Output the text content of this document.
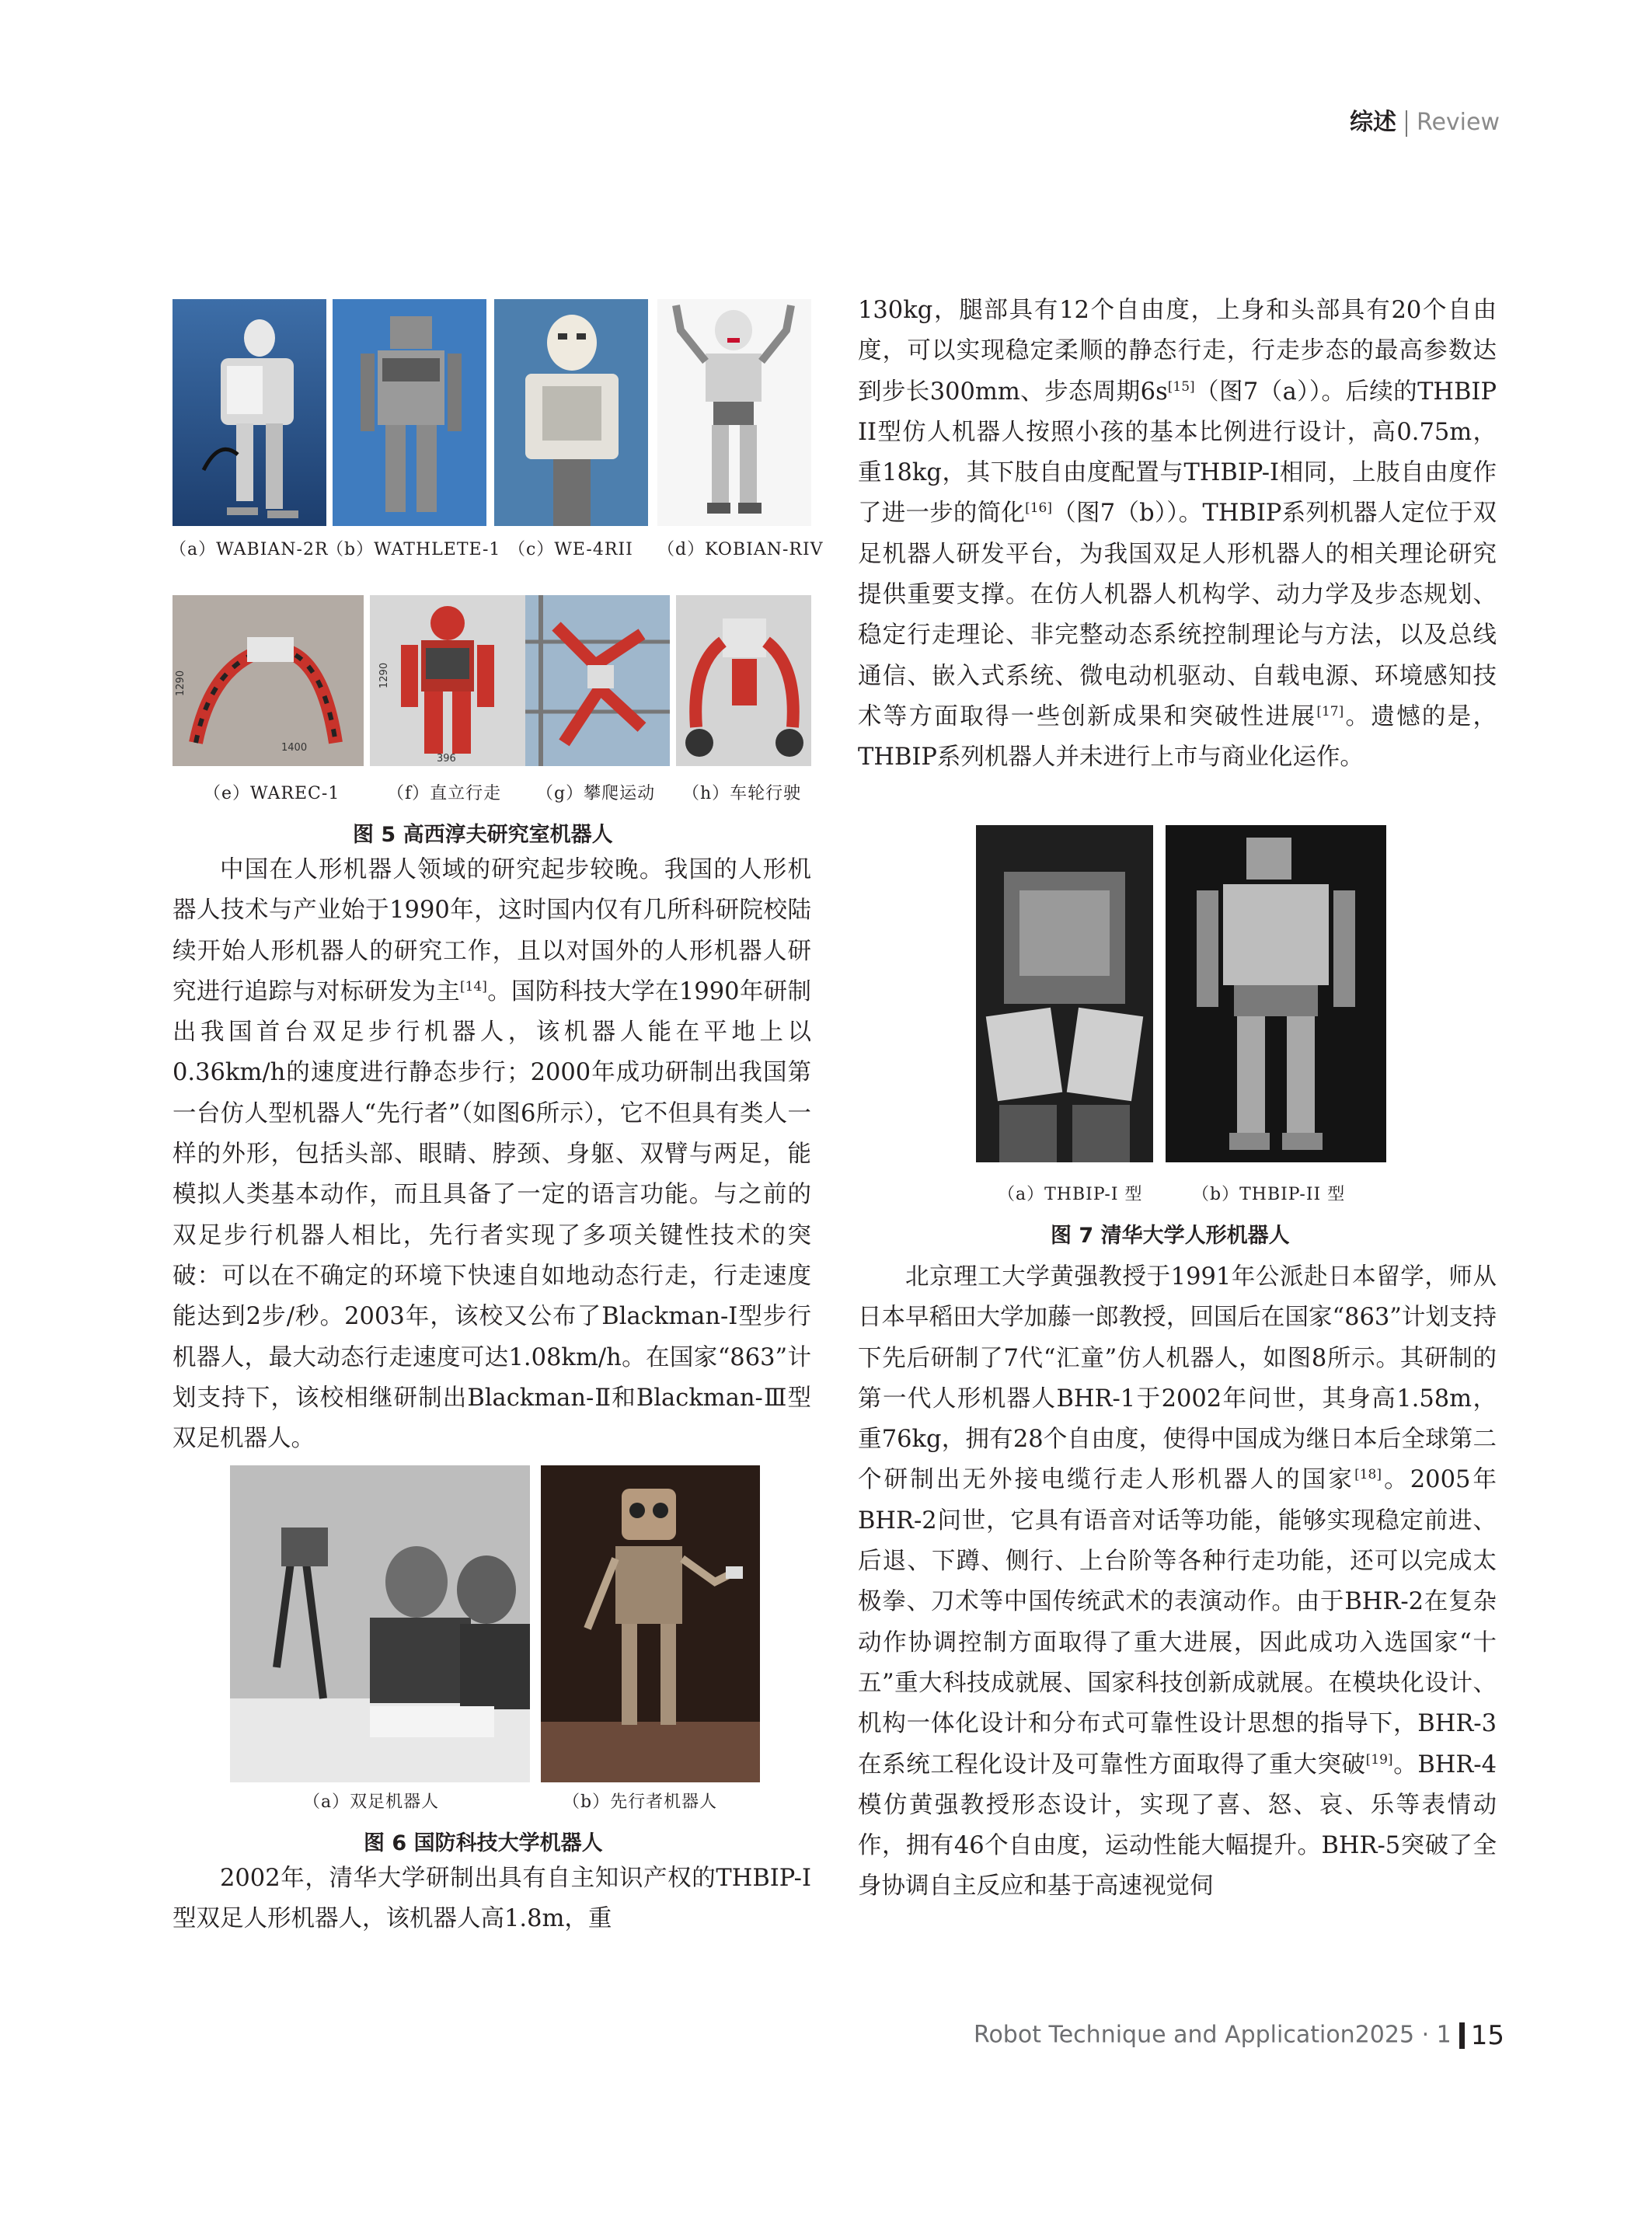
综述 Review
（a）WABIAN-2R
（b）WATHLETE-1 （c）WE-4RII （d）KOBIAN-RIV
1290
1400
1290
396
（e）WAREC-1	（f）直立行走 （g）攀爬运动 （h）车轮行驶
图 5 高西淳夫研究室机器人

中国在人形机器人领域的研究起步较晚。我国的人形机器人技术与产业始于1990年，这时国内仅有几所科研院校陆续开始人形机器人的研究工作，且以对国外的人形机器人研究进行追踪与对标研发为主[14]。国防科技大学在1990年研制出我国首台双足步行机器人，该机器人能在平地上以0.36km/h的速度进行静态步行；2000年成功研制出我国第一台仿人型机器人“先行者”（如图6所示），它不但具有类人一样的外形，包括头部、眼睛、脖颈、身躯、双臂与两足，能模拟人类基本动作，而且具备了一定的语言功能。与之前的双足步行机器人相比，先行者实现了多项关键性技术的突破：可以在不确定的环境下快速自如地动态行走，行走速度能达到2步/秒。2003年，该校又公布了Blackman-I型步行机器人，最大动态行走速度可达1.08km/h。在国家“863”计划支持下，该校相继研制出Blackman-Ⅱ和Blackman-Ⅲ型双足机器人。

（a）双足机器人	（b）先行者机器人
图 6 国防科技大学机器人

2002年，清华大学研制出具有自主知识产权的THBIP-I型双足人形机器人，该机器人高1.8m，重

130kg，腿部具有12个自由度，上身和头部具有20个自由度，可以实现稳定柔顺的静态行走，行走步态的最高参数达到步长300mm、步态周期6s[15]（图7（a））。后续的THBIP II型仿人机器人按照小孩的基本比例进行设计，高0.75m，重18kg，其下肢自由度配置与THBIP-I相同，上肢自由度作了进一步的简化[16]（图7（b））。THBIP系列机器人定位于双足机器人研发平台，为我国双足人形机器人的相关理论研究提供重要支撑。在仿人机器人机构学、动力学及步态规划、稳定行走理论、非完整动态系统控制理论与方法，以及总线通信、嵌入式系统、微电动机驱动、自载电源、环境感知技术等方面取得一些创新成果和突破性进展[17]。遗憾的是，THBIP系列机器人并未进行上市与商业化运作。

（a）THBIP-I 型	（b）THBIP-II 型
图 7 清华大学人形机器人

北京理工大学黄强教授于1991年公派赴日本留学，师从日本早稻田大学加藤一郎教授，回国后在国家“863”计划支持下先后研制了7代“汇童”仿人机器人，如图8所示。其研制的第一代人形机器人BHR-1于2002年问世，其身高1.58m，重76kg，拥有28个自由度，使得中国成为继日本后全球第二个研制出无外接电缆行走人形机器人的国家[18]。2005年BHR-2问世，它具有语音对话等功能，能够实现稳定前进、后退、下蹲、侧行、上台阶等各种行走功能，还可以完成太极拳、刀术等中国传统武术的表演动作。由于BHR-2在复杂动作协调控制方面取得了重大进展，因此成功入选国家“十五”重大科技成就展、国家科技创新成就展。在模块化设计、机构一体化设计和分布式可靠性设计思想的指导下，BHR-3在系统工程化设计及可靠性方面取得了重大突破[19]。BHR-4模仿黄强教授形态设计，实现了喜、怒、哀、乐等表情动作，拥有46个自由度，运动性能大幅提升。BHR-5突破了全身协调自主反应和基于高速视觉伺

Robot Technique and Application2025 · 1 15
